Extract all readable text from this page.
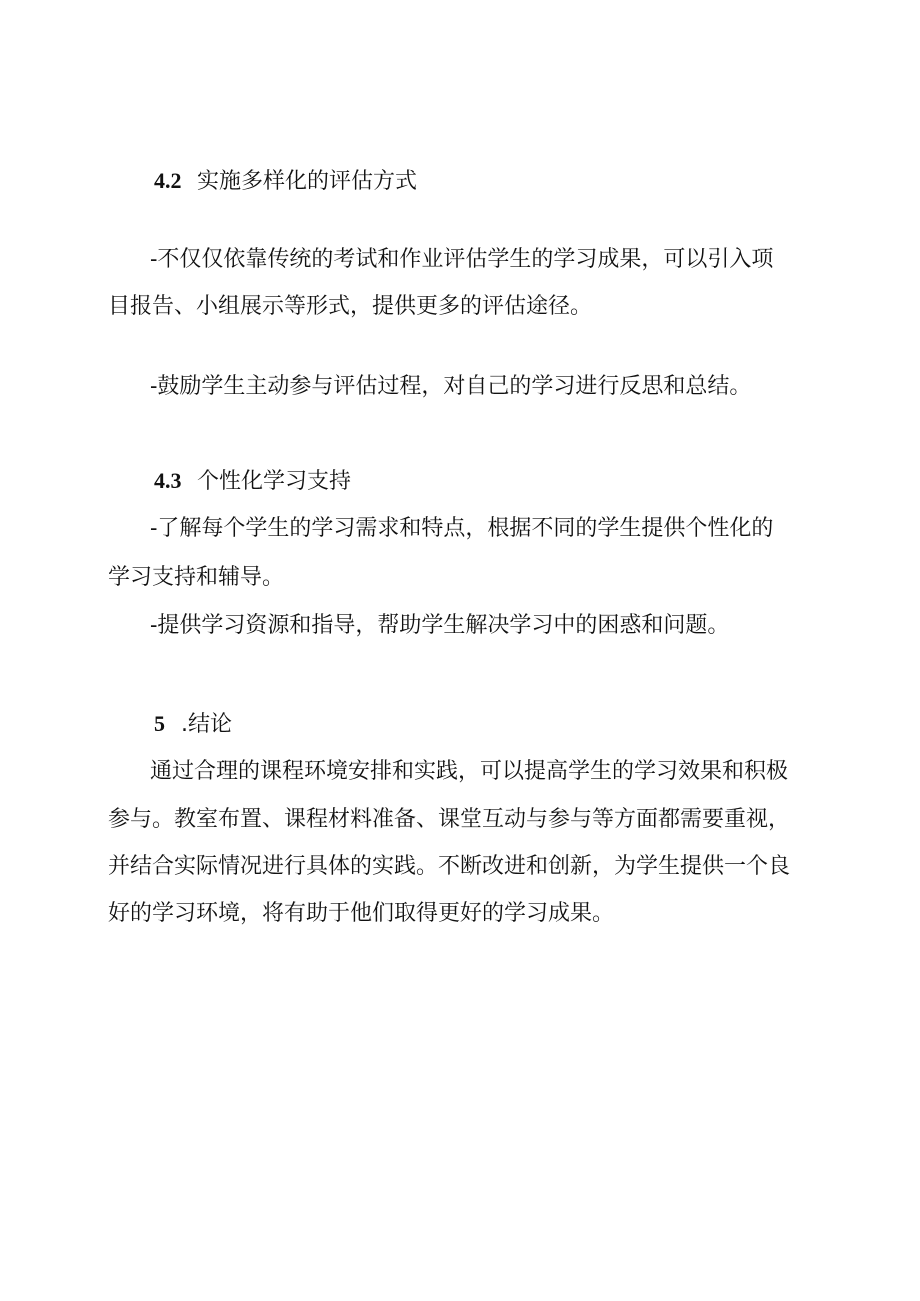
4.2 实施多样化的评估方式
-不仅仅依靠传统的考试和作业评估学生的学习成果，可以引入项
目报告、小组展示等形式，提供更多的评估途径。
-鼓励学生主动参与评估过程，对自己的学习进行反思和总结。
4.3 个性化学习支持
-了解每个学生的学习需求和特点，根据不同的学生提供个性化的
学习支持和辅导。
-提供学习资源和指导，帮助学生解决学习中的困惑和问题。
5 .结论
通过合理的课程环境安排和实践，可以提高学生的学习效果和积极
参与。教室布置、课程材料准备、课堂互动与参与等方面都需要重视，
并结合实际情况进行具体的实践。不断改进和创新，为学生提供一个良
好的学习环境，将有助于他们取得更好的学习成果。
